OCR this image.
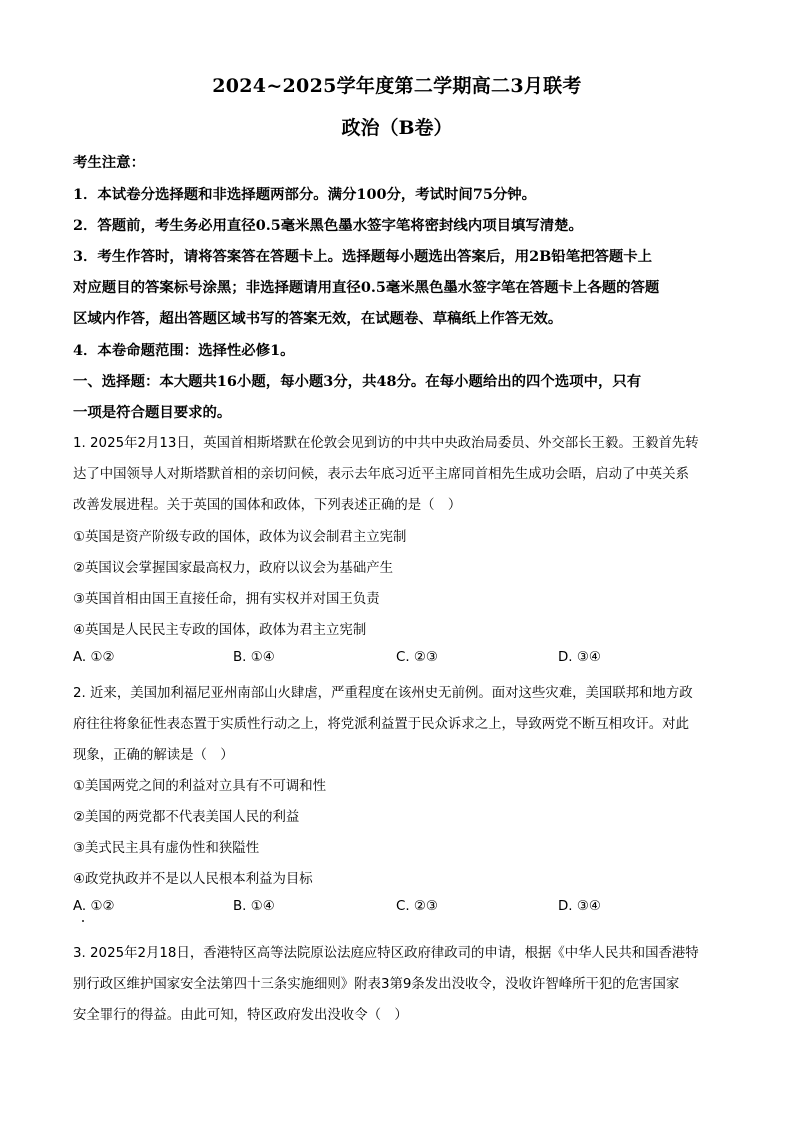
2024~2025学年度第二学期高二3月联考
政治（B卷）
考生注意：
1．本试卷分选择题和非选择题两部分。满分100分，考试时间75分钟。
2．答题前，考生务必用直径0.5毫米黑色墨水签字笔将密封线内项目填写清楚。
3．考生作答时，请将答案答在答题卡上。选择题每小题选出答案后，用2B铅笔把答题卡上
对应题目的答案标号涂黑；非选择题请用直径0.5毫米黑色墨水签字笔在答题卡上各题的答题
区域内作答，超出答题区域书写的答案无效，在试题卷、草稿纸上作答无效。
4．本卷命题范围：选择性必修1。
一、选择题：本大题共16小题，每小题3分，共48分。在每小题给出的四个选项中，只有
一项是符合题目要求的。
1. 2025年2月13日，英国首相斯塔默在伦敦会见到访的中共中央政治局委员、外交部长王毅。王毅首先转
达了中国领导人对斯塔默首相的亲切问候，表示去年底习近平主席同首相先生成功会晤，启动了中英关系
改善发展进程。关于英国的国体和政体，下列表述正确的是（　）
①英国是资产阶级专政的国体，政体为议会制君主立宪制
②英国议会掌握国家最高权力，政府以议会为基础产生
③英国首相由国王直接任命，拥有实权并对国王负责
④英国是人民民主专政的国体，政体为君主立宪制
A. ①②	B. ①④	C. ②③	D. ③④
2. 近来，美国加利福尼亚州南部山火肆虐，严重程度在该州史无前例。面对这些灾难，美国联邦和地方政
府往往将象征性表态置于实质性行动之上，将党派利益置于民众诉求之上，导致两党不断互相攻讦。对此
现象，正确的解读是（　）
①美国两党之间的利益对立具有不可调和性
②美国的两党都不代表美国人民的利益
③美式民主具有虚伪性和狭隘性
④政党执政并不是以人民根本利益为目标
A. ①②	B. ①④	C. ②③	D. ③④
3. 2025年2月18日，香港特区高等法院原讼法庭应特区政府律政司的申请，根据《中华人民共和国香港特
别行政区维护国家安全法第四十三条实施细则》附表3第9条发出没收令，没收许智峰所干犯的危害国家
安全罪行的得益。由此可知，特区政府发出没收令（　）
